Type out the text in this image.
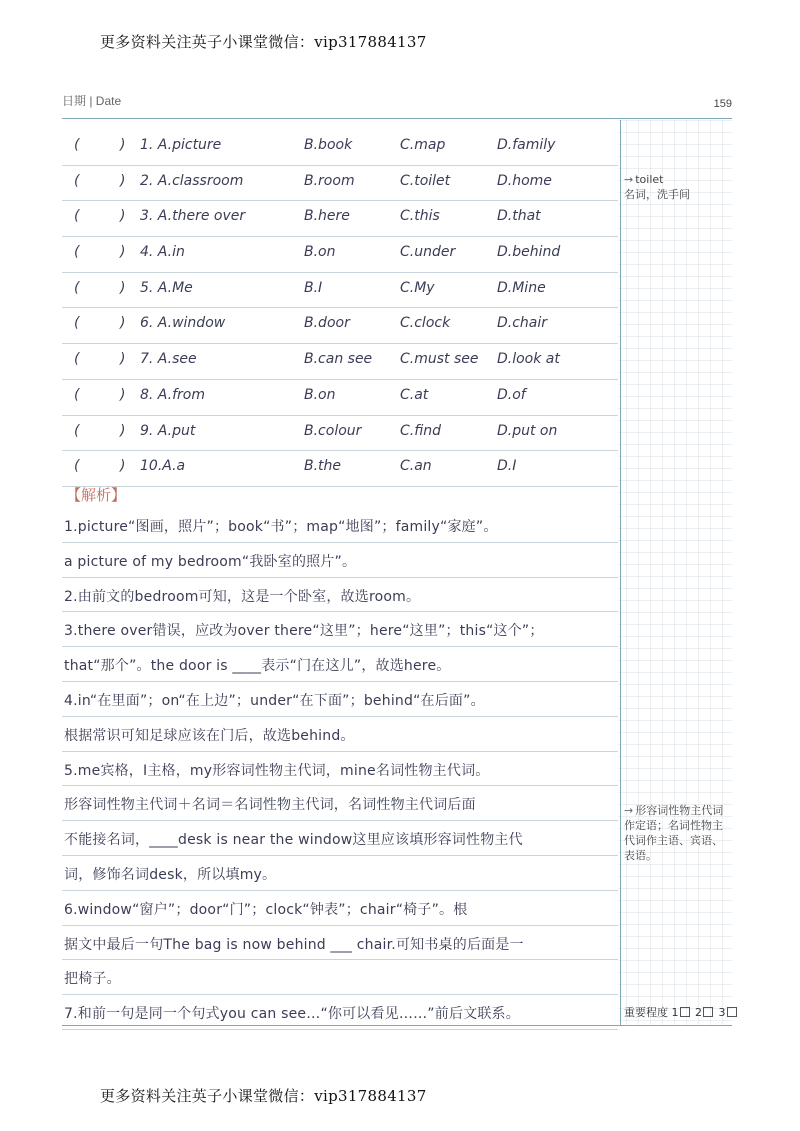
更多资料关注英子小课堂微信：vip317884137
日期 | Date	159
(	) 1. A.picture	B.book	C.map	D.family
(	) 2. A.classroom	B.room	C.toilet	D.home
(	) 3. A.there over	B.here	C.this	D.that
(	) 4. A.in	B.on	C.under	D.behind
(	) 5. A.Me	B.I	C.My	D.Mine
(	) 6. A.window	B.door	C.clock	D.chair
(	) 7. A.see	B.can see C.must see D.look at
(	) 8. A.from	B.on	C.at	D.of
(	) 9. A.put	B.colour	C.find	D.put on
(	) 10.A.a	B.the	C.an	D.I
【解析】
1.picture“图画，照片”；book“书”；map“地图”；family“家庭”。
a picture of my bedroom“我卧室的照片”。
2.由前文的bedroom可知，这是一个卧室，故选room。
3.there over错误，应改为over there“这里”；here“这里”；this“这个”；
that“那个”。the door is ____表示“门在这儿”，故选here。
4.in“在里面”；on“在上边”；under“在下面”；behind“在后面”。
根据常识可知足球应该在门后，故选behind。
5.me宾格，I主格，my形容词性物主代词，mine名词性物主代词。
形容词性物主代词＋名词＝名词性物主代词，名词性物主代词后面
不能接名词，____desk is near the window这里应该填形容词性物主代
词，修饰名词desk，所以填my。
6.window“窗户”；door“门”；clock“钟表”；chair“椅子”。根
据文中最后一句The bag is now behind ___ chair.可知书桌的后面是一
把椅子。
7.和前一句是同一个句式you can see…“你可以看见……”前后文联系。
→ toilet
名词，洗手间
→ 形容词性物主代词作定语；名词性物主代词作主语、宾语、表语。
重要程度 1 2 3
更多资料关注英子小课堂微信：vip317884137
